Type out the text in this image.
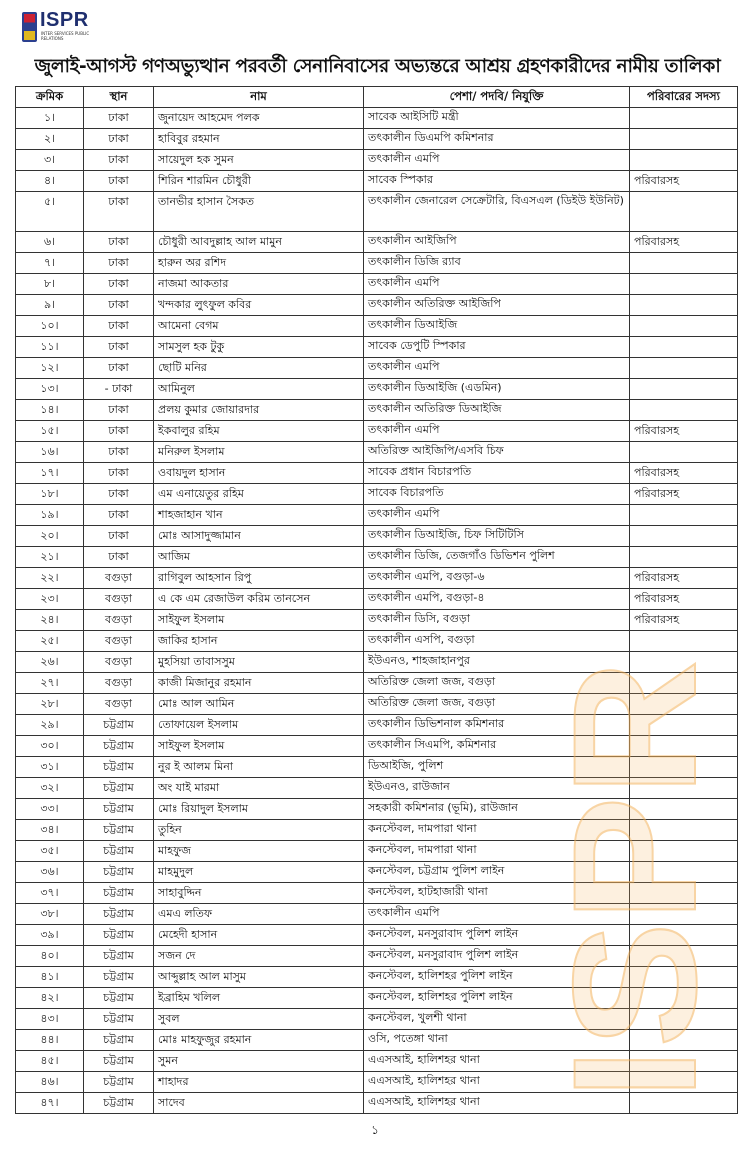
ISPR
INTER SERVICES PUBLIC RELATIONS
জুলাই-আগস্ট গণঅভ্যুত্থান পরবর্তী সেনানিবাসের অভ্যন্তরে আশ্রয় গ্রহণকারীদের নামীয় তালিকা
ক্রমিক	স্থান	নাম	পেশা/ পদবি/ নিযুক্তি	পরিবারের সদস্য
১।	ঢাকা	জুনায়েদ আহমেদ পলক	সাবেক আইসিটি মন্ত্রী	
২।	ঢাকা	হাবিবুর রহমান	তৎকালীন ডিএমপি কমিশনার	
৩।	ঢাকা	সায়েদুল হক সুমন	তৎকালীন এমপি	
৪।	ঢাকা	শিরিন শারমিন চৌধুরী	সাবেক স্পিকার	পরিবারসহ
৫।	ঢাকা	তানভীর হাসান সৈকত	তৎকালীন জেনারেল সেক্রেটারি, বিএসএল (ডিইউ ইউনিট)	
৬।	ঢাকা	চৌধুরী আবদুল্লাহ আল মামুন	তৎকালীন আইজিপি	পরিবারসহ
৭।	ঢাকা	হারুন অর রশিদ	তৎকালীন ডিজি র‍্যাব	
৮।	ঢাকা	নাজমা আকতার	তৎকালীন এমপি	
৯।	ঢাকা	খন্দকার লুৎফুল কবির	তৎকালীন অতিরিক্ত আইজিপি	
১০।	ঢাকা	আমেনা বেগম	তৎকালীন ডিআইজি	
১১।	ঢাকা	সামসুল হক টুকু	সাবেক ডেপুটি স্পিকার	
১২।	ঢাকা	ছোটি মনির	তৎকালীন এমপি	
১৩।	- ঢাকা	আমিনুল	তৎকালীন ডিআইজি (এডমিন)	
১৪।	ঢাকা	প্রলয় কুমার জোয়ারদার	তৎকালীন অতিরিক্ত ডিআইজি	
১৫।	ঢাকা	ইকবালুর রহিম	তৎকালীন এমপি	পরিবারসহ
১৬।	ঢাকা	মনিরুল ইসলাম	অতিরিক্ত আইজিপি/এসবি চিফ	
১৭।	ঢাকা	ওবায়দুল হাসান	সাবেক প্রধান বিচারপতি	পরিবারসহ
১৮।	ঢাকা	এম এনায়েতুর রহিম	সাবেক বিচারপতি	পরিবারসহ
১৯।	ঢাকা	শাহজাহান খান	তৎকালীন এমপি	
২০।	ঢাকা	মোঃ আসাদুজ্জামান	তৎকালীন ডিআইজি, চিফ সিটিটিসি	
২১।	ঢাকা	আজিম	তৎকালীন ডিজি, তেজগাঁও ডিভিশন পুলিশ	
২২।	বগুড়া	রাগিবুল আহসান রিপু	তৎকালীন এমপি, বগুড়া-৬	পরিবারসহ
২৩।	বগুড়া	এ কে এম রেজাউল করিম তানসেন	তৎকালীন এমপি, বগুড়া-৪	পরিবারসহ
২৪।	বগুড়া	সাইফুল ইসলাম	তৎকালীন ডিসি, বগুড়া	পরিবারসহ
২৫।	বগুড়া	জাকির হাসান	তৎকালীন এসপি, বগুড়া	
২৬।	বগুড়া	মুহসিয়া তাবাসসুম	ইউএনও, শাহজাহানপুর	
২৭।	বগুড়া	কাজী মিজানুর রহমান	অতিরিক্ত জেলা জজ, বগুড়া	
২৮।	বগুড়া	মোঃ আল আমিন	অতিরিক্ত জেলা জজ, বগুড়া	
২৯।	চট্টগ্রাম	তোফায়েল ইসলাম	তৎকালীন ডিভিশনাল কমিশনার	
৩০।	চট্টগ্রাম	সাইফুল ইসলাম	তৎকালীন সিএমপি, কমিশনার	
৩১।	চট্টগ্রাম	নুর ই আলম মিনা	ডিআইজি, পুলিশ	
৩২।	চট্টগ্রাম	অং যাই মারমা	ইউএনও, রাউজান	
৩৩।	চট্টগ্রাম	মোঃ রিয়াদুল ইসলাম	সহকারী কমিশনার (ভূমি), রাউজান	
৩৪।	চট্টগ্রাম	তুহিন	কনস্টেবল, দামপারা থানা	
৩৫।	চট্টগ্রাম	মাহফুজ	কনস্টেবল, দামপারা থানা	
৩৬।	চট্টগ্রাম	মাহমুদুল	কনস্টেবল, চট্টগ্রাম পুলিশ লাইন	
৩৭।	চট্টগ্রাম	সাহাবুদ্দিন	কনস্টেবল, হাটহাজারী থানা	
৩৮।	চট্টগ্রাম	এমএ লতিফ	তৎকালীন এমপি	
৩৯।	চট্টগ্রাম	মেহেদী হাসান	কনস্টেবল, মনসুরাবাদ পুলিশ লাইন	
৪০।	চট্টগ্রাম	সজন দে	কনস্টেবল, মনসুরাবাদ পুলিশ লাইন	
৪১।	চট্টগ্রাম	আব্দুল্লাহ আল মাসুম	কনস্টেবল, হালিশহর পুলিশ লাইন	
৪২।	চট্টগ্রাম	ইব্রাহিম খলিল	কনস্টেবল, হালিশহর পুলিশ লাইন	
৪৩।	চট্টগ্রাম	সুবল	কনস্টেবল, খুলশী থানা	
৪৪।	চট্টগ্রাম	মোঃ মাহফুজুর রহমান	ওসি, পতেঙ্গা থানা	
৪৫।	চট্টগ্রাম	সুমন	এএসআই, হালিশহর থানা	
৪৬।	চট্টগ্রাম	শাহাদর	এএসআই, হালিশহর থানা	
৪৭।	চট্টগ্রাম	সাদেব	এএসআই, হালিশহর থানা	
১
ISPR
